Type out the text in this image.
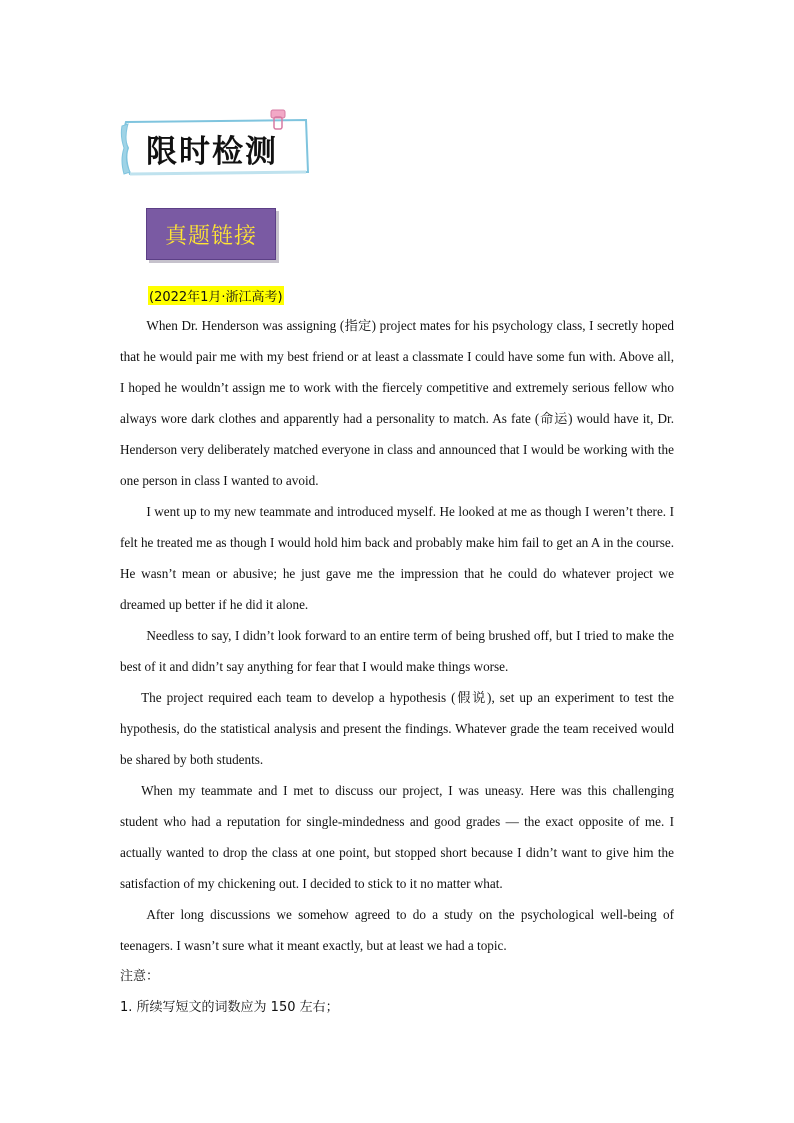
限时检测
真题链接
(2022年1月·浙江高考)

When Dr. Henderson was assigning (指定) project mates for his psychology class, I secretly hoped that he would pair me with my best friend or at least a classmate I could have some fun with. Above all, I hoped he wouldn’t assign me to work with the fiercely competitive and extremely serious fellow who always wore dark clothes and apparently had a personality to match. As fate (命运) would have it, Dr. Henderson very deliberately matched everyone in class and announced that I would be working with the one person in class I wanted to avoid.

I went up to my new teammate and introduced myself. He looked at me as though I weren’t there. I felt he treated me as though I would hold him back and probably make him fail to get an A in the course. He wasn’t mean or abusive; he just gave me the impression that he could do whatever project we dreamed up better if he did it alone.

Needless to say, I didn’t look forward to an entire term of being brushed off, but I tried to make the best of it and didn’t say anything for fear that I would make things worse.

The project required each team to develop a hypothesis (假说), set up an experiment to test the hypothesis, do the statistical analysis and present the findings. Whatever grade the team received would be shared by both students.

When my teammate and I met to discuss our project, I was uneasy. Here was this challenging student who had a reputation for single-mindedness and good grades — the exact opposite of me. I actually wanted to drop the class at one point, but stopped short because I didn’t want to give him the satisfaction of my chickening out. I decided to stick to it no matter what.

After long discussions we somehow agreed to do a study on the psychological well-being of teenagers. I wasn’t sure what it meant exactly, but at least we had a topic.

注意：

1. 所续写短文的词数应为 150 左右；
